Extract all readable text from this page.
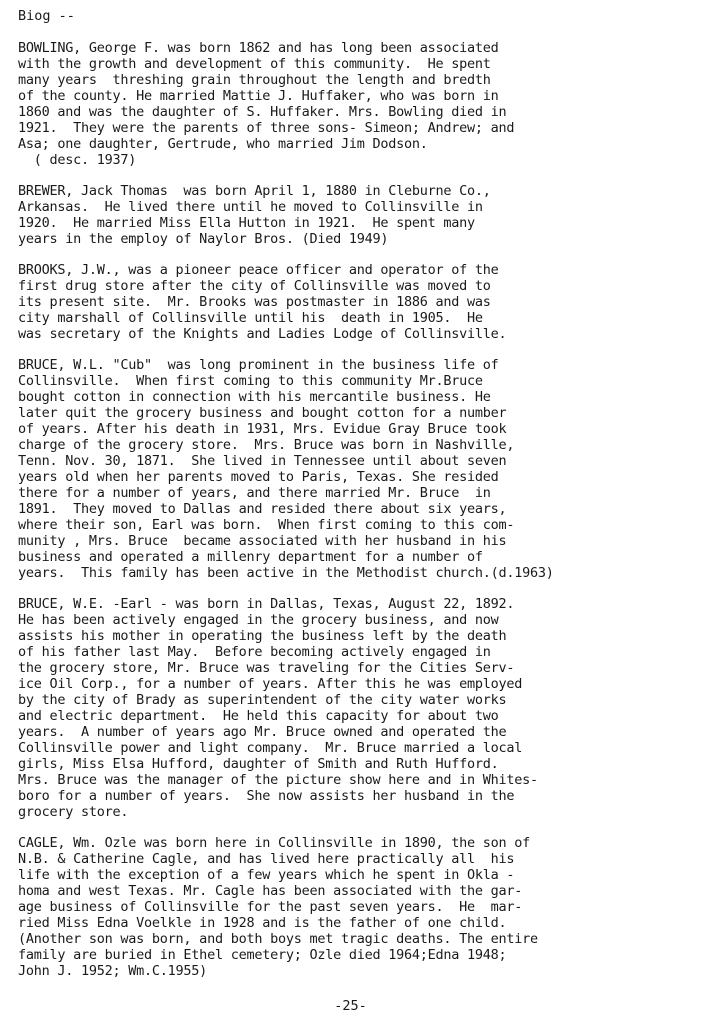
Biog --
BOWLING, George F. was born 1862 and has long been associated
with the growth and development of this community.  He spent
many years  threshing grain throughout the length and bredth
of the county. He married Mattie J. Huffaker, who was born in
1860 and was the daughter of S. Huffaker. Mrs. Bowling died in
1921.  They were the parents of three sons- Simeon; Andrew; and
Asa; one daughter, Gertrude, who married Jim Dodson.
( desc. 1937)
BREWER, Jack Thomas  was born April 1, 1880 in Cleburne Co.,
Arkansas.  He lived there until he moved to Collinsville in
1920.  He married Miss Ella Hutton in 1921.  He spent many
years in the employ of Naylor Bros. (Died 1949)
BROOKS, J.W., was a pioneer peace officer and operator of the
first drug store after the city of Collinsville was moved to
its present site.  Mr. Brooks was postmaster in 1886 and was
city marshall of Collinsville until his  death in 1905.  He
was secretary of the Knights and Ladies Lodge of Collinsville.
BRUCE, W.L. "Cub"  was long prominent in the business life of
Collinsville.  When first coming to this community Mr.Bruce
bought cotton in connection with his mercantile business. He
later quit the grocery business and bought cotton for a number
of years. After his death in 1931, Mrs. Evidue Gray Bruce took
charge of the grocery store.  Mrs. Bruce was born in Nashville,
Tenn. Nov. 30, 1871.  She lived in Tennessee until about seven
years old when her parents moved to Paris, Texas. She resided
there for a number of years, and there married Mr. Bruce  in
1891.  They moved to Dallas and resided there about six years,
where their son, Earl was born.  When first coming to this com-
munity , Mrs. Bruce  became associated with her husband in his
business and operated a millenry department for a number of
years.  This family has been active in the Methodist church.(d.1963)
BRUCE, W.E. -Earl - was born in Dallas, Texas, August 22, 1892.
He has been actively engaged in the grocery business, and now
assists his mother in operating the business left by the death
of his father last May.  Before becoming actively engaged in
the grocery store, Mr. Bruce was traveling for the Cities Serv-
ice Oil Corp., for a number of years. After this he was employed
by the city of Brady as superintendent of the city water works
and electric department.  He held this capacity for about two
years.  A number of years ago Mr. Bruce owned and operated the
Collinsville power and light company.  Mr. Bruce married a local
girls, Miss Elsa Hufford, daughter of Smith and Ruth Hufford.
Mrs. Bruce was the manager of the picture show here and in Whites-
boro for a number of years.  She now assists her husband in the
grocery store.
CAGLE, Wm. Ozle was born here in Collinsville in 1890, the son of
N.B. & Catherine Cagle, and has lived here practically all  his
life with the exception of a few years which he spent in Okla -
homa and west Texas. Mr. Cagle has been associated with the gar-
age business of Collinsville for the past seven years.  He  mar-
ried Miss Edna Voelkle in 1928 and is the father of one child.
(Another son was born, and both boys met tragic deaths. The entire
family are buried in Ethel cemetery; Ozle died 1964;Edna 1948;
John J. 1952; Wm.C.1955)
-25-
